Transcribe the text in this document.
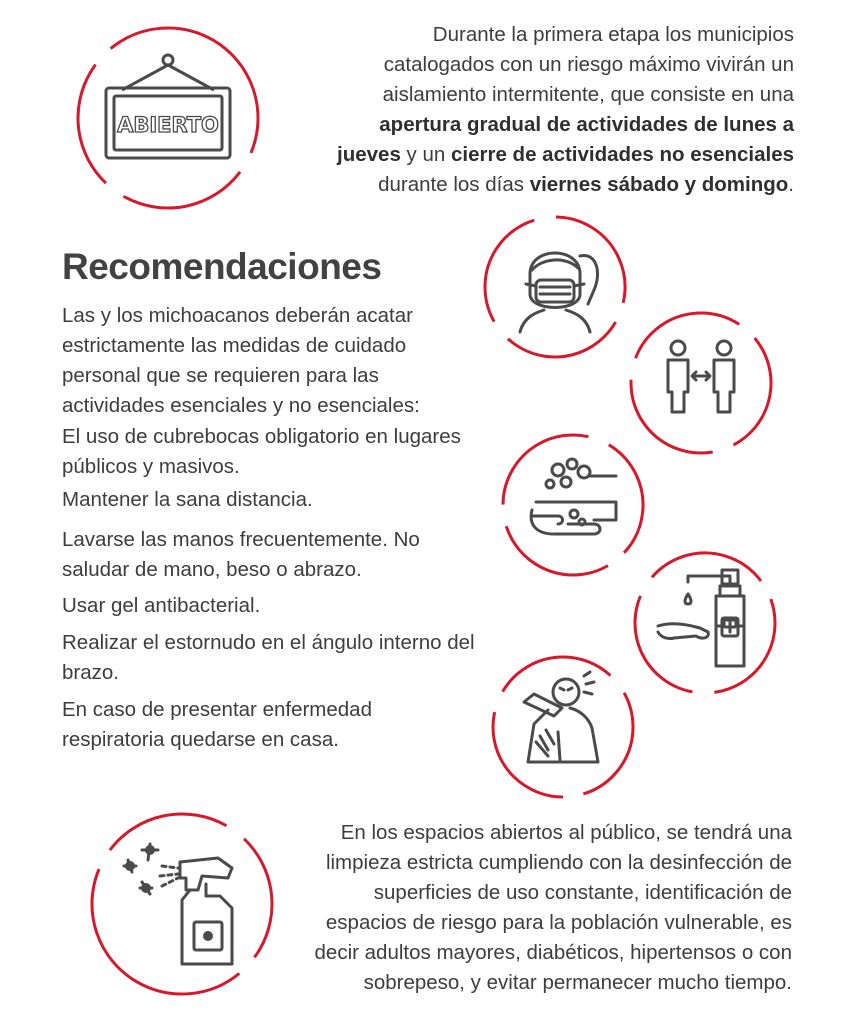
Durante la primera etapa los municipios catalogados con un riesgo máximo vivirán un aislamiento intermitente, que consiste en una apertura gradual de actividades de lunes a jueves y un cierre de actividades no esenciales durante los días viernes sábado y domingo.
ABIERTO
Recomendaciones
Las y los michoacanos deberán acatar estrictamente las medidas de cuidado personal que se requieren para las actividades esenciales y no esenciales:
El uso de cubrebocas obligatorio en lugares públicos y masivos.
Mantener la sana distancia.
Lavarse las manos frecuentemente. No saludar de mano, beso o abrazo.
Usar gel antibacterial.
Realizar el estornudo en el ángulo interno del brazo.
En caso de presentar enfermedad respiratoria quedarse en casa.
En los espacios abiertos al público, se tendrá una limpieza estricta cumpliendo con la desinfección de superficies de uso constante, identificación de espacios de riesgo para la población vulnerable, es decir adultos mayores, diabéticos, hipertensos o con sobrepeso, y evitar permanecer mucho tiempo.
